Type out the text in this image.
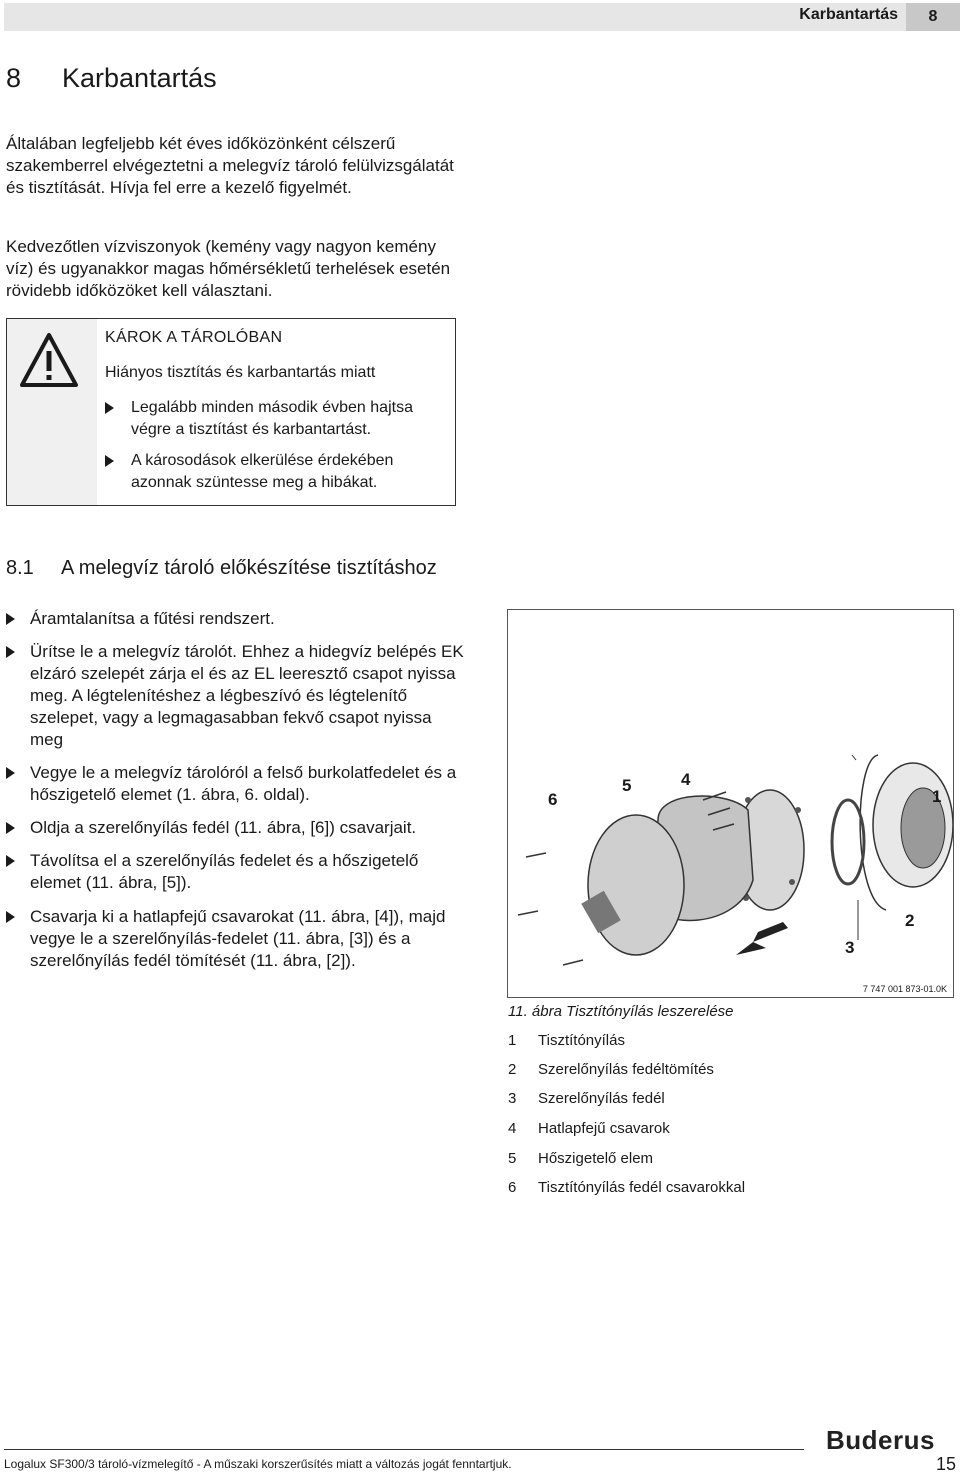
Karbantartás	8
8 Karbantartás
Általában legfeljebb két éves időközönként célszerű szakemberrel elvégeztetni a melegvíz tároló felülvizsgálatát és tisztítását. Hívja fel erre a kezelő figyelmét.
Kedvezőtlen vízviszonyok (kemény vagy nagyon kemény víz) és ugyanakkor magas hőmérsékletű terhelések esetén rövidebb időközöket kell választani.
KÁROK A TÁROLÓBAN
Hiányos tisztítás és karbantartás miatt
Legalább minden második évben hajtsa végre a tisztítást és karbantartást.
A károsodások elkerülése érdekében azonnak szüntesse meg a hibákat.
8.1 A melegvíz tároló előkészítése tisztításhoz
Áramtalanítsa a fűtési rendszert.
Ürítse le a melegvíz tárolót. Ehhez a hidegvíz belépés EK elzáró szelepét zárja el és az EL leeresztő csapot nyissa meg. A légtelenítéshez a légbeszívó és légtelenítő szelepet, vagy a legmagasabban fekvő csapot nyissa meg
Vegye le a melegvíz tárolóról a felső burkolatfedelet és a hőszigetelő elemet (1. ábra, 6. oldal).
Oldja a szerelőnyílás fedél (11. ábra, [6]) csavarjait.
Távolítsa el a szerelőnyílás fedelet és a hőszigetelő elemet (11. ábra, [5]).
Csavarja ki a hatlapfejű csavarokat (11. ábra, [4]), majd vegye le a szerelőnyílás-fedelet (11. ábra, [3]) és a szerelőnyílás fedél tömítését (11. ábra, [2]).
6
5	4
1
2
3
7 747 001 873-01.0K
11. ábra Tisztítónyílás leszerelése
1 Tisztítónyílás
2 Szerelőnyílás fedéltömítés
3 Szerelőnyílás fedél
4 Hatlapfejű csavarok
5 Hőszigetelő elem
6 Tisztítónyílás fedél csavarokkal
Buderus
Logalux SF300/3 tároló-vízmelegítő - A műszaki korszerűsítés miatt a változás jogát fenntartjuk.	15
